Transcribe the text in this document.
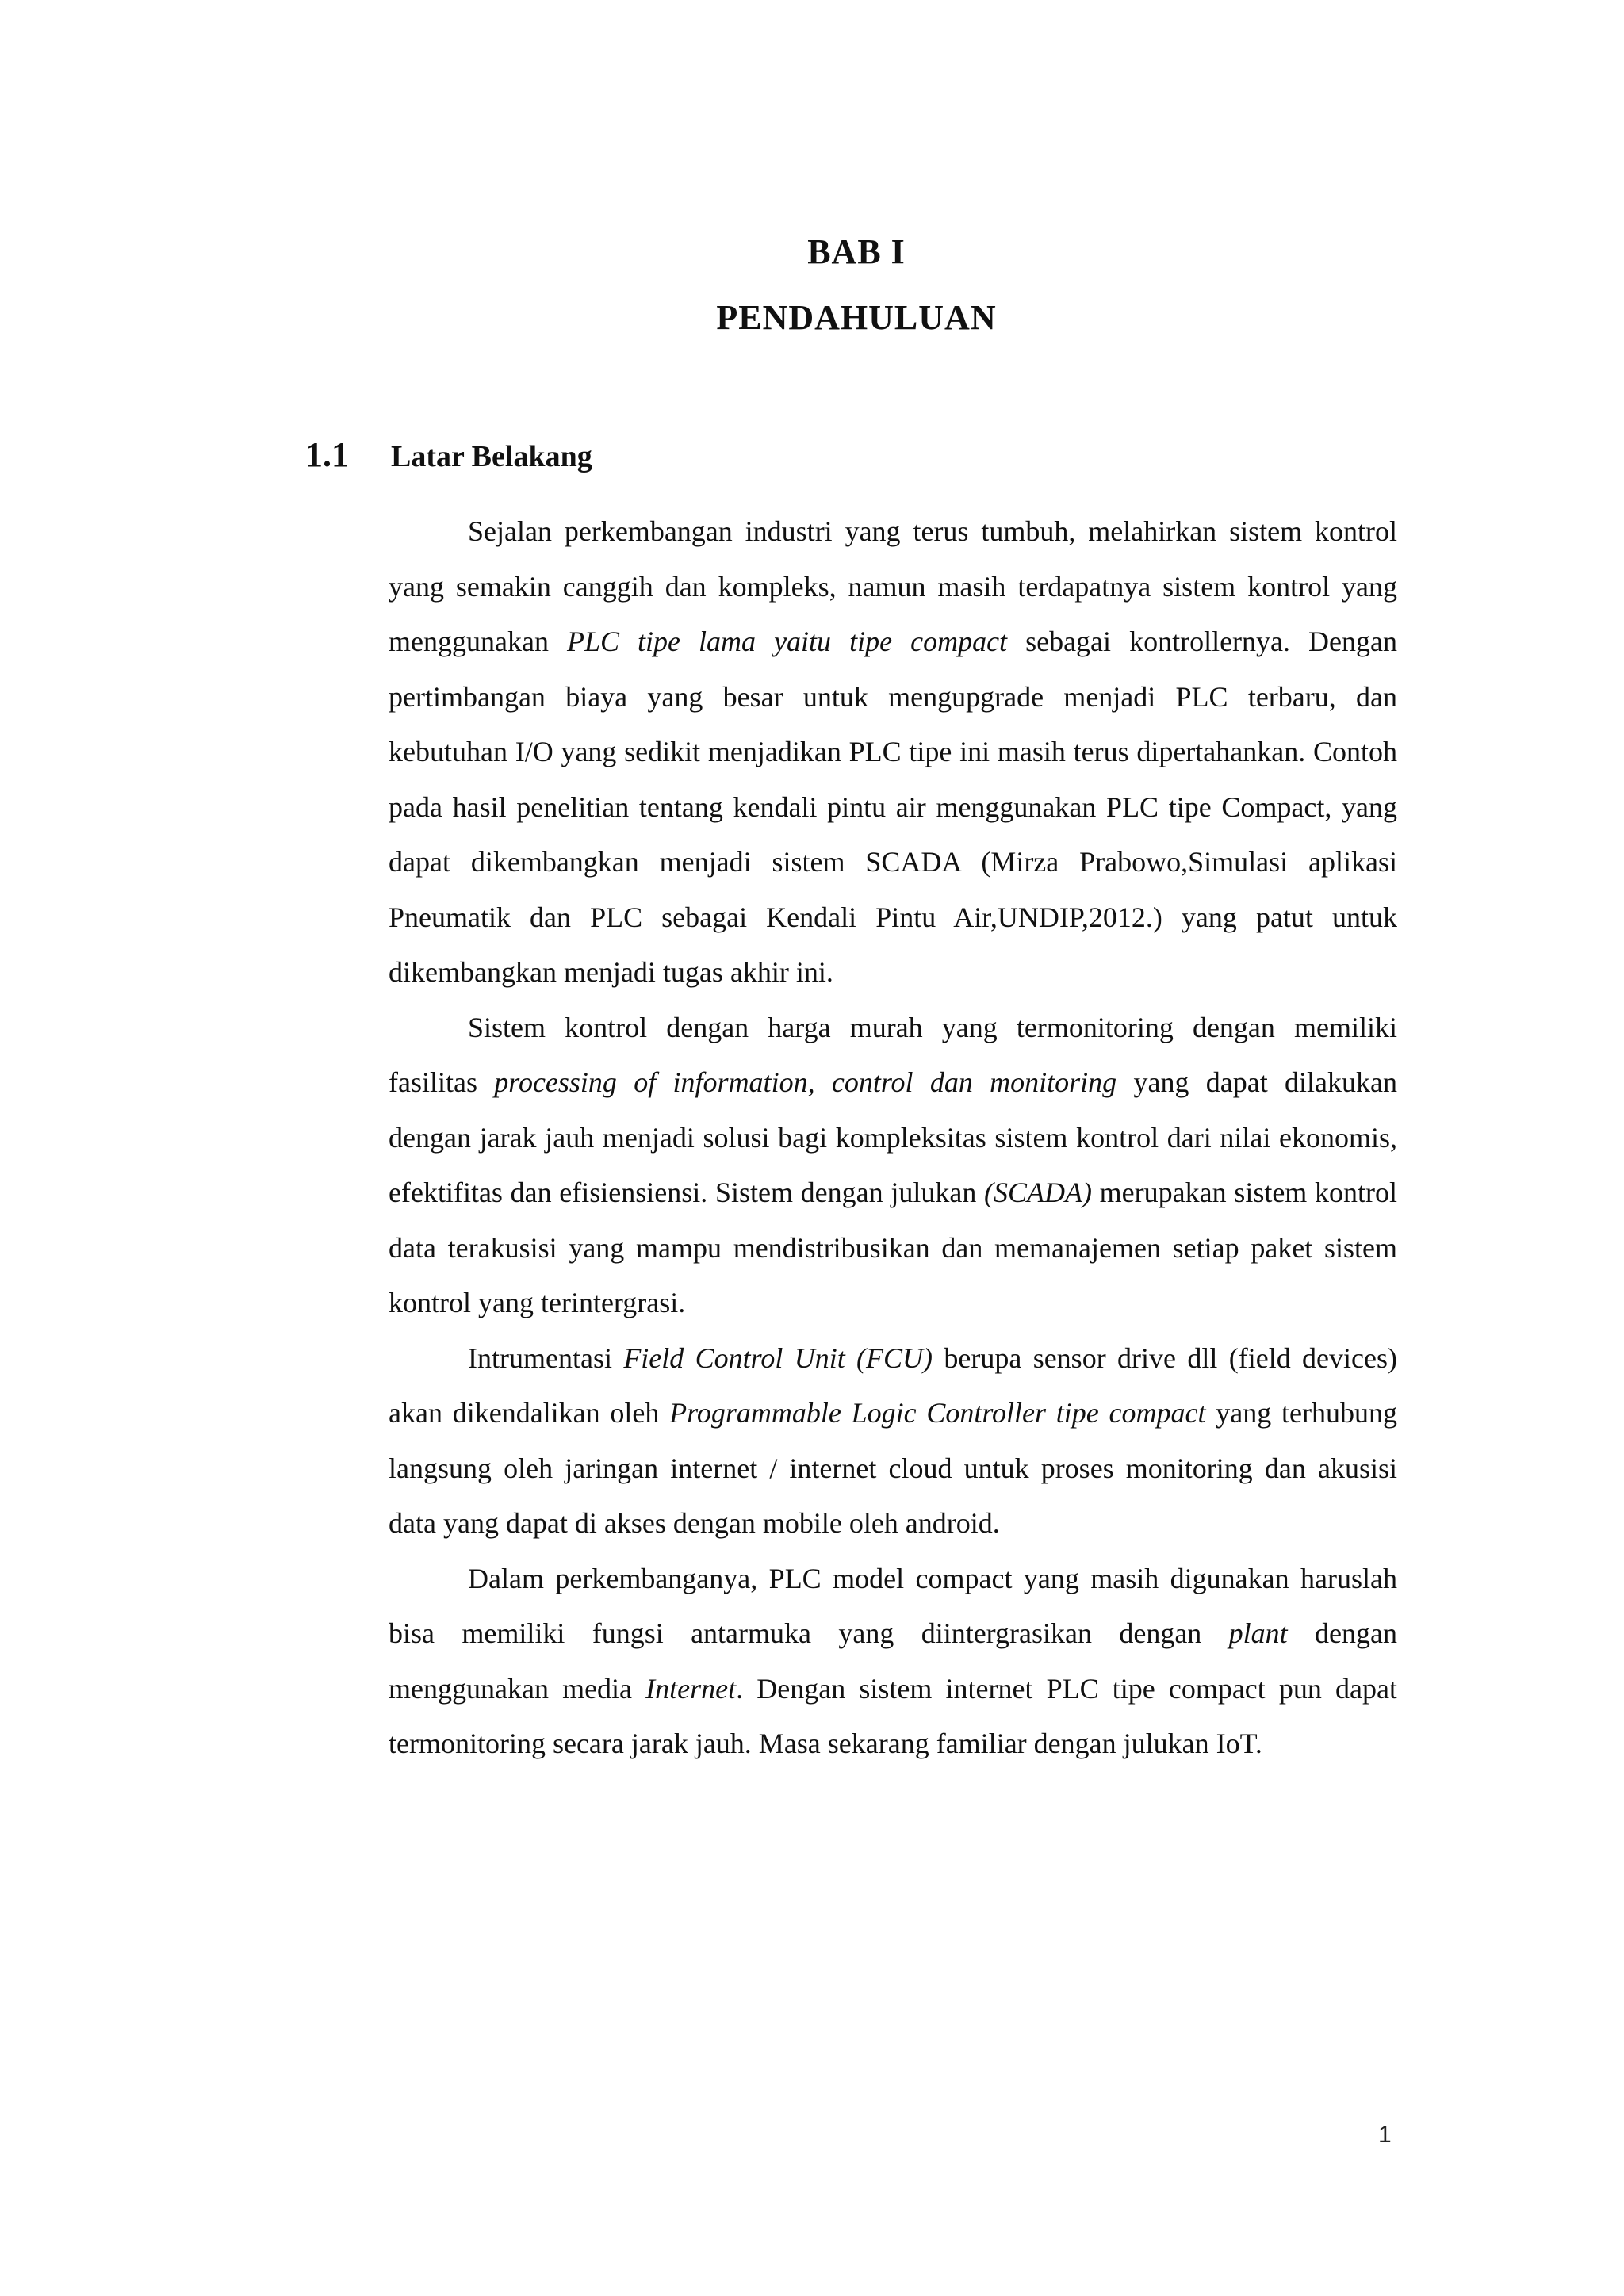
BAB I
PENDAHULUAN
1.1	Latar Belakang

Sejalan perkembangan industri yang terus tumbuh, melahirkan sistem kontrol yang semakin canggih dan kompleks, namun masih terdapatnya sistem kontrol yang menggunakan PLC tipe lama yaitu tipe compact sebagai kontrollernya. Dengan pertimbangan biaya yang besar untuk mengupgrade menjadi PLC terbaru, dan kebutuhan I/O yang sedikit menjadikan PLC tipe ini masih terus dipertahankan. Contoh pada hasil penelitian tentang kendali pintu air menggunakan PLC tipe Compact, yang dapat dikembangkan menjadi sistem SCADA (Mirza Prabowo,Simulasi aplikasi Pneumatik dan PLC sebagai Kendali Pintu Air,UNDIP,2012.) yang patut untuk dikembangkan menjadi tugas akhir ini.

Sistem kontrol dengan harga murah yang termonitoring dengan memiliki fasilitas processing of information, control dan monitoring yang dapat dilakukan dengan jarak jauh menjadi solusi bagi kompleksitas sistem kontrol dari nilai ekonomis, efektifitas dan efisiensiensi. Sistem dengan julukan (SCADA) merupakan sistem kontrol data terakusisi yang mampu mendistribusikan dan memanajemen setiap paket sistem kontrol yang terintergrasi.

Intrumentasi Field Control Unit (FCU) berupa sensor drive dll (field devices) akan dikendalikan oleh Programmable Logic Controller tipe compact yang terhubung langsung oleh jaringan internet / internet cloud untuk proses monitoring dan akusisi data yang dapat di akses dengan mobile oleh android.

Dalam perkembanganya, PLC model compact yang masih digunakan haruslah bisa memiliki fungsi antarmuka yang diintergrasikan dengan plant dengan menggunakan media Internet. Dengan sistem internet PLC tipe compact pun dapat termonitoring secara jarak jauh. Masa sekarang familiar dengan julukan IoT.

1
